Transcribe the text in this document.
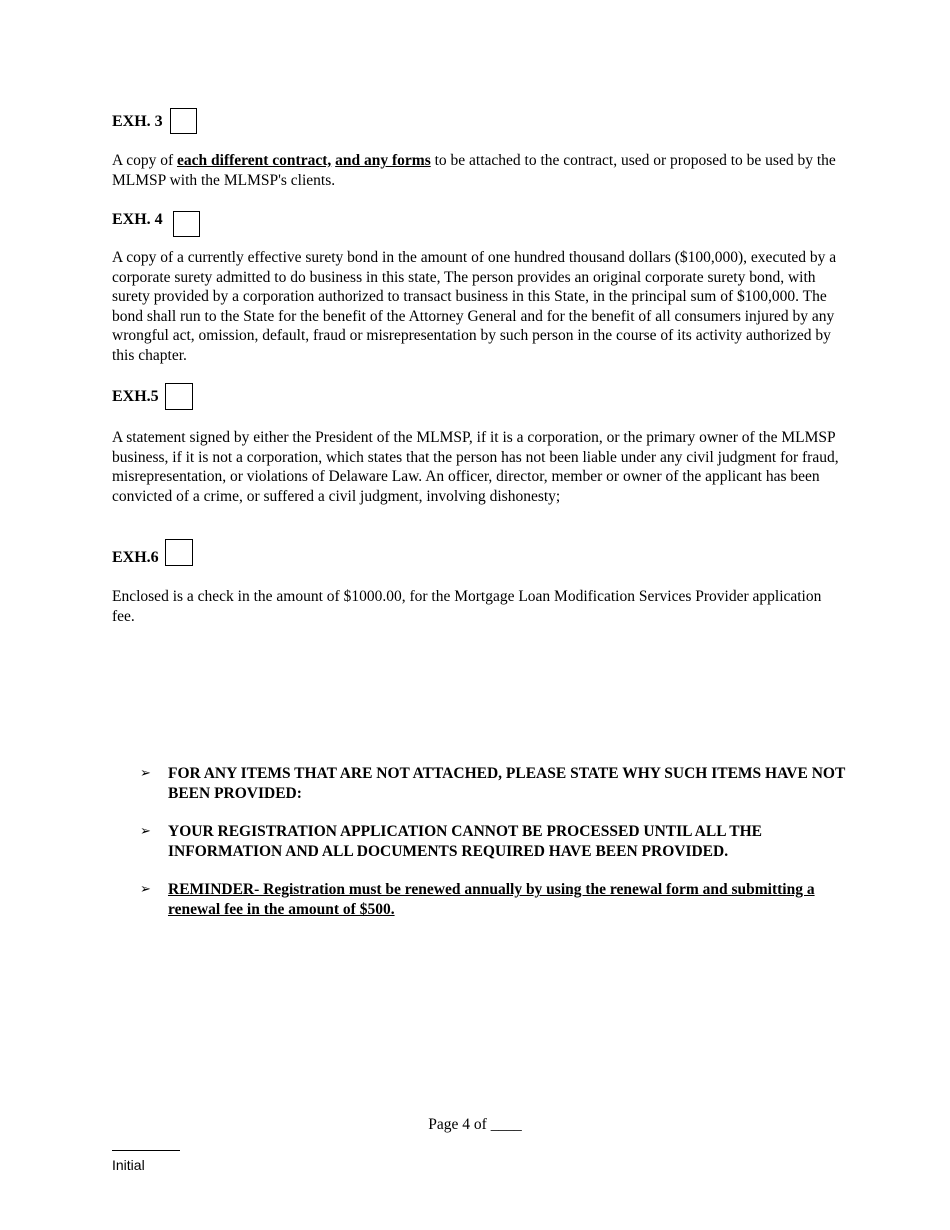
EXH. 3

A copy of each different contract, and any forms to be attached to the contract, used or proposed to be used by the MLMSP with the MLMSP's clients.

EXH. 4
A copy of a currently effective surety bond in the amount of one hundred thousand dollars ($100,000), executed by a corporate surety admitted to do business in this state, The person provides an original corporate surety bond, with surety provided by a corporation authorized to transact business in this State, in the principal sum of $100,000. The bond shall run to the State for the benefit of the Attorney General and for the benefit of all consumers injured by any wrongful act, omission, default, fraud or misrepresentation by such person in the course of its activity authorized by this chapter.
EXH.5
A statement signed by either the President of the MLMSP, if it is a corporation, or the primary owner of the MLMSP business, if it is not a corporation, which states that the person has not been liable under any civil judgment for fraud, misrepresentation, or violations of Delaware Law. An officer, director, member or owner of the applicant has been convicted of a crime, or suffered a civil judgment, involving dishonesty;
EXH.6
Enclosed is a check in the amount of $1000.00, for the Mortgage Loan Modification Services Provider application fee.
➢ FOR ANY ITEMS THAT ARE NOT ATTACHED, PLEASE STATE WHY SUCH ITEMS HAVE NOT BEEN PROVIDED:
➢ YOUR REGISTRATION APPLICATION CANNOT BE PROCESSED UNTIL ALL THE INFORMATION AND ALL DOCUMENTS REQUIRED HAVE BEEN PROVIDED.
➢ REMINDER- Registration must be renewed annually by using the renewal form and submitting a renewal fee in the amount of $500.
Page 4 of ____
Initial
